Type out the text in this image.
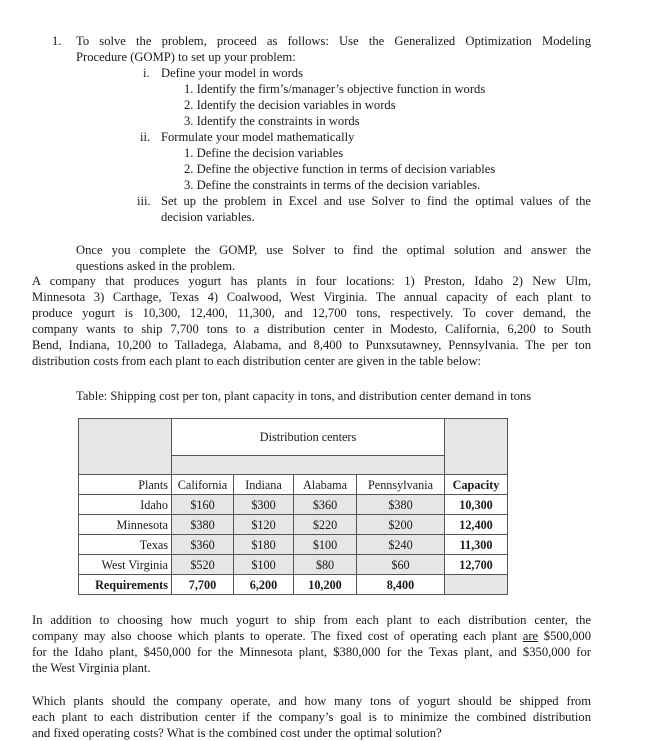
1. To solve the problem, proceed as follows: Use the Generalized Optimization Modeling
Procedure (GOMP) to set up your problem:
i. Define your model in words
1. Identify the firm’s/manager’s objective function in words
2. Identify the decision variables in words
3. Identify the constraints in words
ii. Formulate your model mathematically
1. Define the decision variables
2. Define the objective function in terms of decision variables
3. Define the constraints in terms of the decision variables.
iii. Set up the problem in Excel and use Solver to find the optimal values of the
decision variables.
Once you complete the GOMP, use Solver to find the optimal solution and answer the
questions asked in the problem.
A company that produces yogurt has plants in four locations: 1) Preston, Idaho 2) New Ulm,
Minnesota 3) Carthage, Texas 4) Coalwood, West Virginia. The annual capacity of each plant to
produce yogurt is 10,300, 12,400, 11,300, and 12,700 tons, respectively. To cover demand, the
company wants to ship 7,700 tons to a distribution center in Modesto, California, 6,200 to South
Bend, Indiana, 10,200 to Talladega, Alabama, and 8,400 to Punxsutawney, Pennsylvania. The per ton
distribution costs from each plant to each distribution center are given in the table below:
Table: Shipping cost per ton, plant capacity in tons, and distribution center demand in tons
	Distribution centers				

Plants	California	Indiana	Alabama	Pennsylvania	Capacity
Idaho	$160	$300	$360	$380	10,300
Minnesota	$380	$120	$220	$200	12,400
Texas	$360	$180	$100	$240	11,300
West Virginia	$520	$100	$80	$60	12,700
Requirements	7,700	6,200	10,200	8,400	
In addition to choosing how much yogurt to ship from each plant to each distribution center, the
company may also choose which plants to operate. The fixed cost of operating each plant are $500,000
for the Idaho plant, $450,000 for the Minnesota plant, $380,000 for the Texas plant, and $350,000 for
the West Virginia plant.
Which plants should the company operate, and how many tons of yogurt should be shipped from
each plant to each distribution center if the company’s goal is to minimize the combined distribution
and fixed operating costs? What is the combined cost under the optimal solution?
